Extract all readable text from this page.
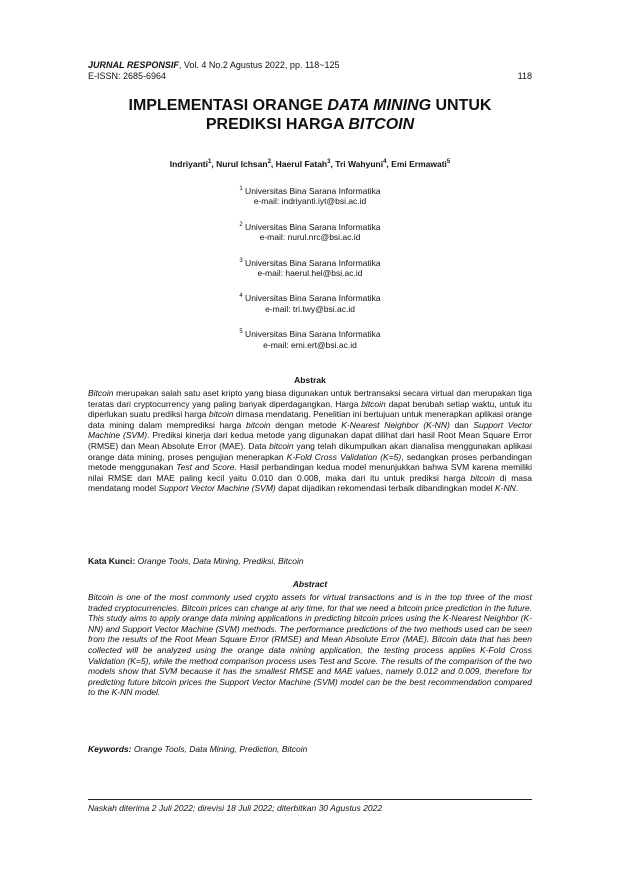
JURNAL RESPONSIF, Vol. 4 No.2 Agustus 2022, pp. 118~125
E-ISSN: 2685-6964	118
IMPLEMENTASI ORANGE DATA MINING UNTUK
PREDIKSI HARGA BITCOIN
Indriyanti$^1$, Nurul Ichsan$^2$, Haerul Fatah$^3$, Tri Wahyuni$^4$, Emi Ermawati$^5$
$^1$ Universitas Bina Sarana Informatika
e-mail: indriyanti.iyt@bsi.ac.id
$^2$ Universitas Bina Sarana Informatika
e-mail: nurul.nrc@bsi.ac.id
$^3$ Universitas Bina Sarana Informatika
e-mail: haerul.hel@bsi.ac.id
$^4$ Universitas Bina Sarana Informatika
e-mail: tri.twy@bsi.ac.id
$^5$ Universitas Bina Sarana Informatika
e-mail: emi.ert@bsi.ac.id
Abstrak
Bitcoin merupakan salah satu aset kripto yang biasa digunakan untuk bertransaksi secara virtual dan merupakan tiga teratas dari cryptocurrency yang paling banyak diperdagangkan. Harga bitcoin dapat berubah setiap waktu, untuk itu diperlukan suatu prediksi harga bitcoin dimasa mendatang. Penelitian ini bertujuan untuk menerapkan aplikasi orange data mining dalam memprediksi harga bitcoin dengan metode K-Nearest Neighbor (K-NN) dan Support Vector Machine (SVM). Prediksi kinerja dari kedua metode yang digunakan dapat dilihat dari hasil Root Mean Square Error (RMSE) dan Mean Absolute Error (MAE). Data bitcoin yang telah dikumpulkan akan dianalisa menggunakan aplikasi orange data mining, proses pengujian menerapkan K-Fold Cross Validation (K=5), sedangkan proses perbandingan metode menggunakan Test and Score. Hasil perbandingan kedua model menunjukkan bahwa SVM karena memiliki nilai RMSE dan MAE paling kecil yaitu 0.010 dan 0.008, maka dari itu untuk prediksi harga bitcoin di masa mendatang model Support Vector Machine (SVM) dapat dijadikan rekomendasi terbaik dibandingkan model K-NN.
Kata Kunci: Orange Tools, Data Mining, Prediksi, Bitcoin
Abstract
Bitcoin is one of the most commonly used crypto assets for virtual transactions and is in the top three of the most traded cryptocurrencies. Bitcoin prices can change at any time, for that we need a bitcoin price prediction in the future. This study aims to apply orange data mining applications in predicting bitcoin prices using the K-Nearest Neighbor (K-NN) and Support Vector Machine (SVM) methods. The performance predictions of the two methods used can be seen from the results of the Root Mean Square Error (RMSE) and Mean Absolute Error (MAE). Bitcoin data that has been collected will be analyzed using the orange data mining application, the testing process applies K-Fold Cross Validation (K=5), while the method comparison process uses Test and Score. The results of the comparison of the two models show that SVM because it has the smallest RMSE and MAE values, namely 0.012 and 0.009, therefore for predicting future bitcoin prices the Support Vector Machine (SVM) model can be the best recommendation compared to the K-NN model.
Keywords: Orange Tools, Data Mining, Prediction, Bitcoin
Naskah diterima 2 Juli 2022; direvisi 18 Juli 2022; diterbitkan 30 Agustus 2022
